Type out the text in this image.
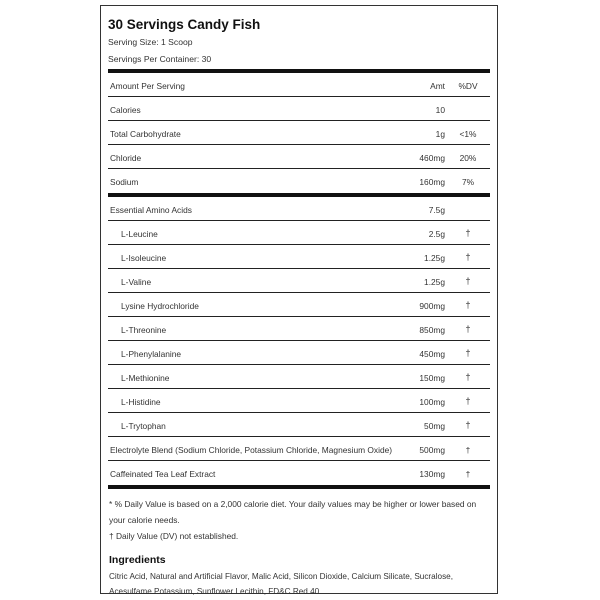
30 Servings Candy Fish
Serving Size: 1 Scoop
Servings Per Container: 30
Amount Per Serving	Amt %DV
Calories	10
Total Carbohydrate	1g	<1%
Chloride	460mg	20%
Sodium	160mg	7%
Essential Amino Acids	7.5g
L-Leucine	2.5g	†
L-Isoleucine	1.25g	†
L-Valine	1.25g	†
Lysine Hydrochloride	900mg	†
L-Threonine	850mg	†
L-Phenylalanine	450mg	†
L-Methionine	150mg	†
L-Histidine	100mg	†
L-Trytophan	50mg	†
Electrolyte Blend (Sodium Chloride, Potassium Chloride, Magnesium Oxide)	500mg	†
Caffeinated Tea Leaf Extract	130mg	†

* % Daily Value is based on a 2,000 calorie diet. Your daily values may be higher or lower based on your calorie needs.

† Daily Value (DV) not established.

Ingredients
Citric Acid, Natural and Artificial Flavor, Malic Acid, Silicon Dioxide, Calcium Silicate, Sucralose, Acesulfame Potassium, Sunflower Lecithin, FD&C Red 40.
